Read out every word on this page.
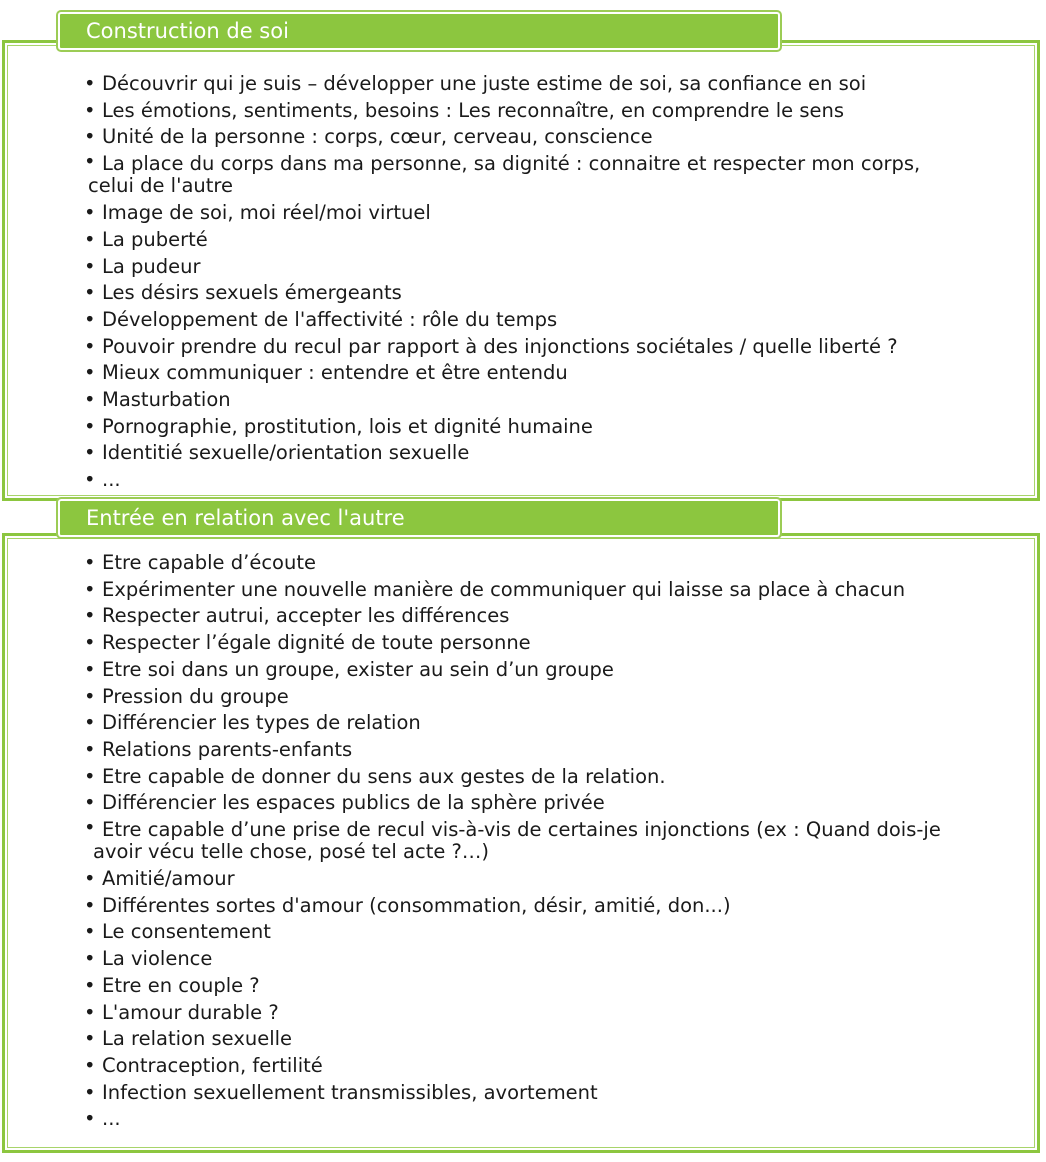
Construction de soi
• Découvrir qui je suis – développer une juste estime de soi, sa confiance en soi
• Les émotions, sentiments, besoins : Les reconnaître, en comprendre le sens
• Unité de la personne : corps, cœur, cerveau, conscience
• La place du corps dans ma personne, sa dignité : connaitre et respecter mon corps,
celui de l'autre
• Image de soi, moi réel/moi virtuel
• La puberté
• La pudeur
• Les désirs sexuels émergeants
• Développement de l'affectivité : rôle du temps
• Pouvoir prendre du recul par rapport à des injonctions sociétales / quelle liberté ?
• Mieux communiquer : entendre et être entendu
• Masturbation
• Pornographie, prostitution, lois et dignité humaine
• Identitié sexuelle/orientation sexuelle
• ...
Entrée en relation avec l'autre
• Etre capable d’écoute
• Expérimenter une nouvelle manière de communiquer qui laisse sa place à chacun
• Respecter autrui, accepter les différences
• Respecter l’égale dignité de toute personne
• Etre soi dans un groupe, exister au sein d’un groupe
• Pression du groupe
• Différencier les types de relation
• Relations parents-enfants
• Etre capable de donner du sens aux gestes de la relation.
• Différencier les espaces publics de la sphère privée
• Etre capable d’une prise de recul vis-à-vis de certaines injonctions (ex : Quand dois-je
avoir vécu telle chose, posé tel acte ?…)
• Amitié/amour
• Différentes sortes d'amour (consommation, désir, amitié, don...)
• Le consentement
• La violence
• Etre en couple ?
• L'amour durable ?
• La relation sexuelle
• Contraception, fertilité
• Infection sexuellement transmissibles, avortement
• ...
